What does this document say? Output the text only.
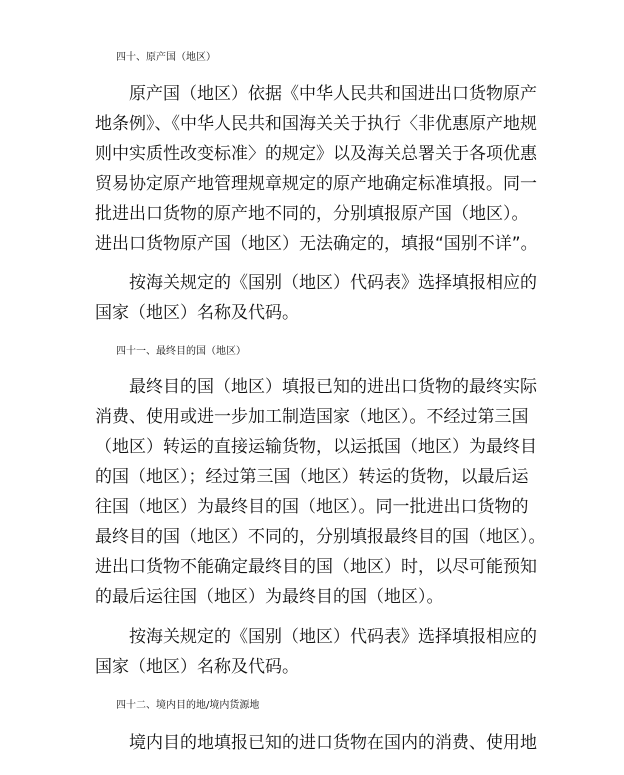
四十、原产国（地区）
原产国（地区）依据《中华人民共和国进出口货物原产
地条例》、《中华人民共和国海关关于执行〈非优惠原产地规
则中实质性改变标准〉的规定》以及海关总署关于各项优惠
贸易协定原产地管理规章规定的原产地确定标准填报。同一
批进出口货物的原产地不同的，分别填报原产国（地区）。
进出口货物原产国（地区）无法确定的，填报“国别不详”。
按海关规定的《国别（地区）代码表》选择填报相应的
国家（地区）名称及代码。
四十一、最终目的国（地区）
最终目的国（地区）填报已知的进出口货物的最终实际
消费、使用或进一步加工制造国家（地区）。不经过第三国
（地区）转运的直接运输货物，以运抵国（地区）为最终目
的国（地区）；经过第三国（地区）转运的货物，以最后运
往国（地区）为最终目的国（地区）。同一批进出口货物的
最终目的国（地区）不同的，分别填报最终目的国（地区）。
进出口货物不能确定最终目的国（地区）时，以尽可能预知
的最后运往国（地区）为最终目的国（地区）。
按海关规定的《国别（地区）代码表》选择填报相应的
国家（地区）名称及代码。
四十二、境内目的地/境内货源地
境内目的地填报已知的进口货物在国内的消费、使用地
